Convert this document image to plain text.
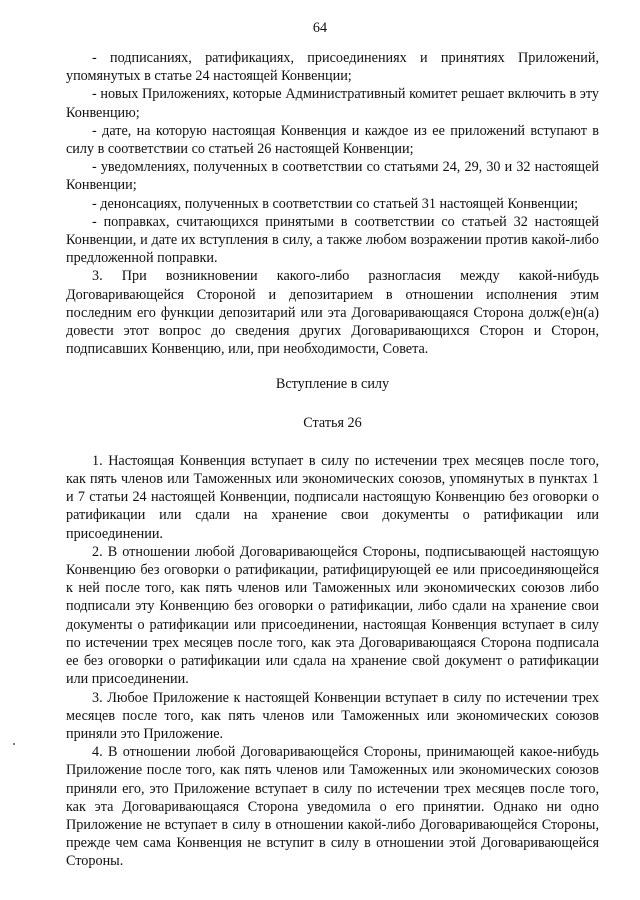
64

- подписаниях, ратификациях, присоединениях и принятиях Приложений, упомянутых в статье 24 настоящей Конвенции;

- новых Приложениях, которые Административный комитет решает включить в эту Конвенцию;

- дате, на которую настоящая Конвенция и каждое из ее приложений вступают в силу в соответствии со статьей 26 настоящей Конвенции;

- уведомлениях, полученных в соответствии со статьями 24, 29, 30 и 32 настоящей Конвенции;

- денонсациях, полученных в соответствии со статьей 31 настоящей Конвенции;

- поправках, считающихся принятыми в соответствии со статьей 32 настоящей Конвенции, и дате их вступления в силу, а также любом возражении против какой-либо предложенной поправки.

3. При возникновении какого-либо разногласия между какой-нибудь Договаривающейся Стороной и депозитарием в отношении исполнения этим последним его функции депозитарий или эта Договаривающаяся Сторона долж(е)н(а) довести этот вопрос до сведения других Договаривающихся Сторон и Сторон, подписавших Конвенцию, или, при необходимости, Совета.

Вступление в силу

Статья 26

1. Настоящая Конвенция вступает в силу по истечении трех месяцев после того, как пять членов или Таможенных или экономических союзов, упомянутых в пунктах 1 и 7 статьи 24 настоящей Конвенции, подписали настоящую Конвенцию без оговорки о ратификации или сдали на хранение свои документы о ратификации или присоединении.

2. В отношении любой Договаривающейся Стороны, подписывающей настоящую Конвенцию без оговорки о ратификации, ратифицирующей ее или присоединяющейся к ней после того, как пять членов или Таможенных или экономических союзов либо подписали эту Конвенцию без оговорки о ратификации, либо сдали на хранение свои документы о ратификации или присоединении, настоящая Конвенция вступает в силу по истечении трех месяцев после того, как эта Договаривающаяся Сторона подписала ее без оговорки о ратификации или сдала на хранение свой документ о ратификации или присоединении.

3. Любое Приложение к настоящей Конвенции вступает в силу по истечении трех месяцев после того, как пять членов или Таможенных или экономических союзов приняли это Приложение.

4. В отношении любой Договаривающейся Стороны, принимающей какое-нибудь Приложение после того, как пять членов или Таможенных или экономических союзов приняли его, это Приложение вступает в силу по истечении трех месяцев после того, как эта Договаривающаяся Сторона уведомила о его принятии. Однако ни одно Приложение не вступает в силу в отношении какой-либо Договаривающейся Стороны, прежде чем сама Конвенция не вступит в силу в отношении этой Договаривающейся Стороны.
